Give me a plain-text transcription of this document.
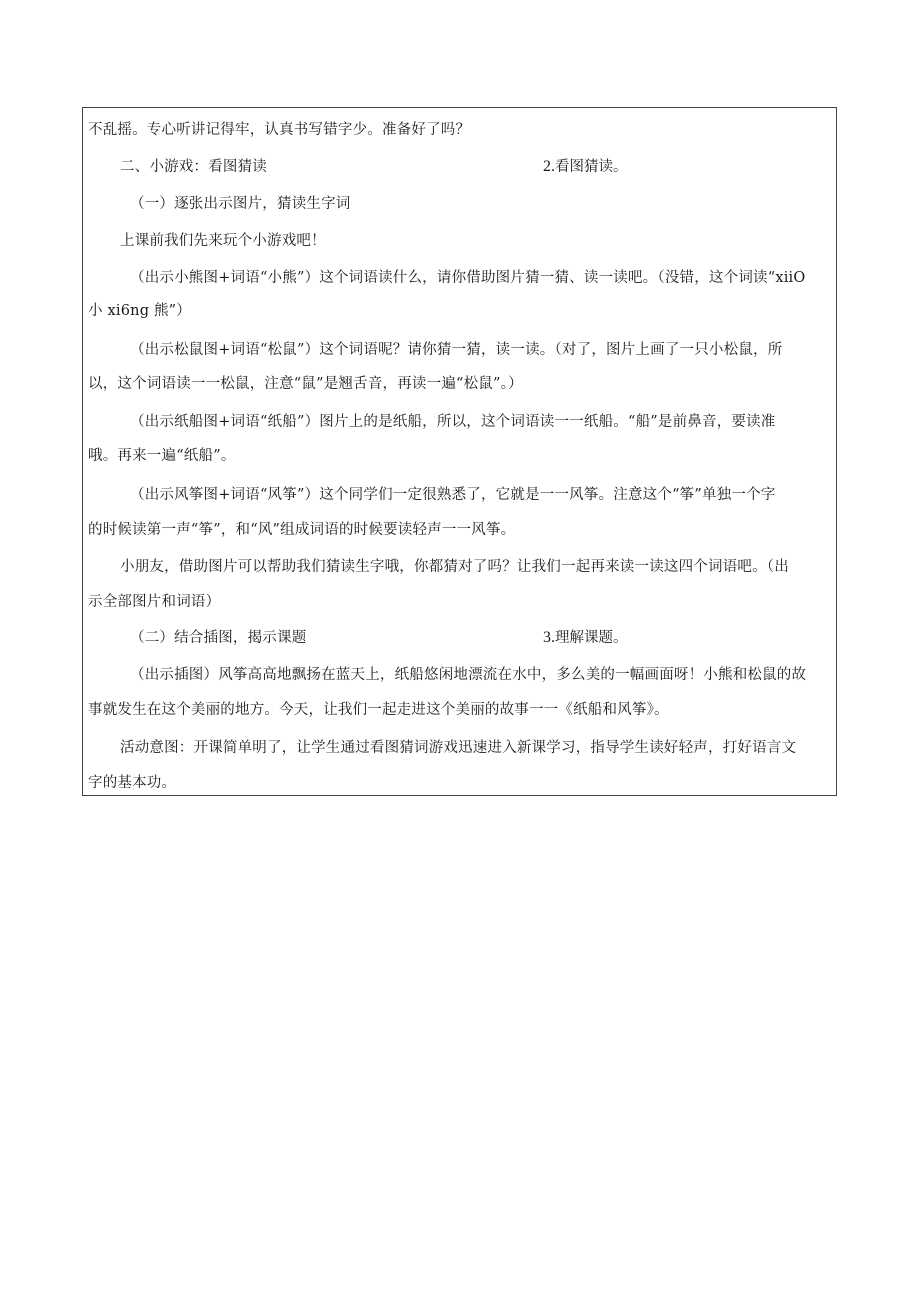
不乱摇。专心听讲记得牢，认真书写错字少。准备好了吗？
二、小游戏：看图猜读	2.看图猜读。
（一）逐张出示图片，猜读生字词
上课前我们先来玩个小游戏吧！
（出示小熊图+词语“小熊”）这个词语读什么，请你借助图片猜一猜、读一读吧。（没错，这个词读“xiiO
小 xi6ng 熊”）
（出示松鼠图+词语“松鼠”）这个词语呢？请你猜一猜，读一读。（对了，图片上画了一只小松鼠，所
以，这个词语读一一松鼠，注意“鼠”是翘舌音，再读一遍“松鼠”。）
（出示纸船图+词语“纸船”）图片上的是纸船，所以，这个词语读一一纸船。“船”是前鼻音，要读准
哦。再来一遍“纸船”。
（出示风筝图+词语“风筝”）这个同学们一定很熟悉了，它就是一一风筝。注意这个“筝”单独一个字
的时候读第一声“筝”，和“风”组成词语的时候要读轻声一一风筝。
小朋友，借助图片可以帮助我们猜读生字哦，你都猜对了吗？让我们一起再来读一读这四个词语吧。（出
示全部图片和词语）
（二）结合插图，揭示课题	3.理解课题。
（出示插图）风筝高高地飘扬在蓝天上，纸船悠闲地漂流在水中，多么美的一幅画面呀！小熊和松鼠的故
事就发生在这个美丽的地方。今天，让我们一起走进这个美丽的故事一一《纸船和风筝》。
活动意图：开课简单明了，让学生通过看图猜词游戏迅速进入新课学习，指导学生读好轻声，打好语言文
字的基本功。
